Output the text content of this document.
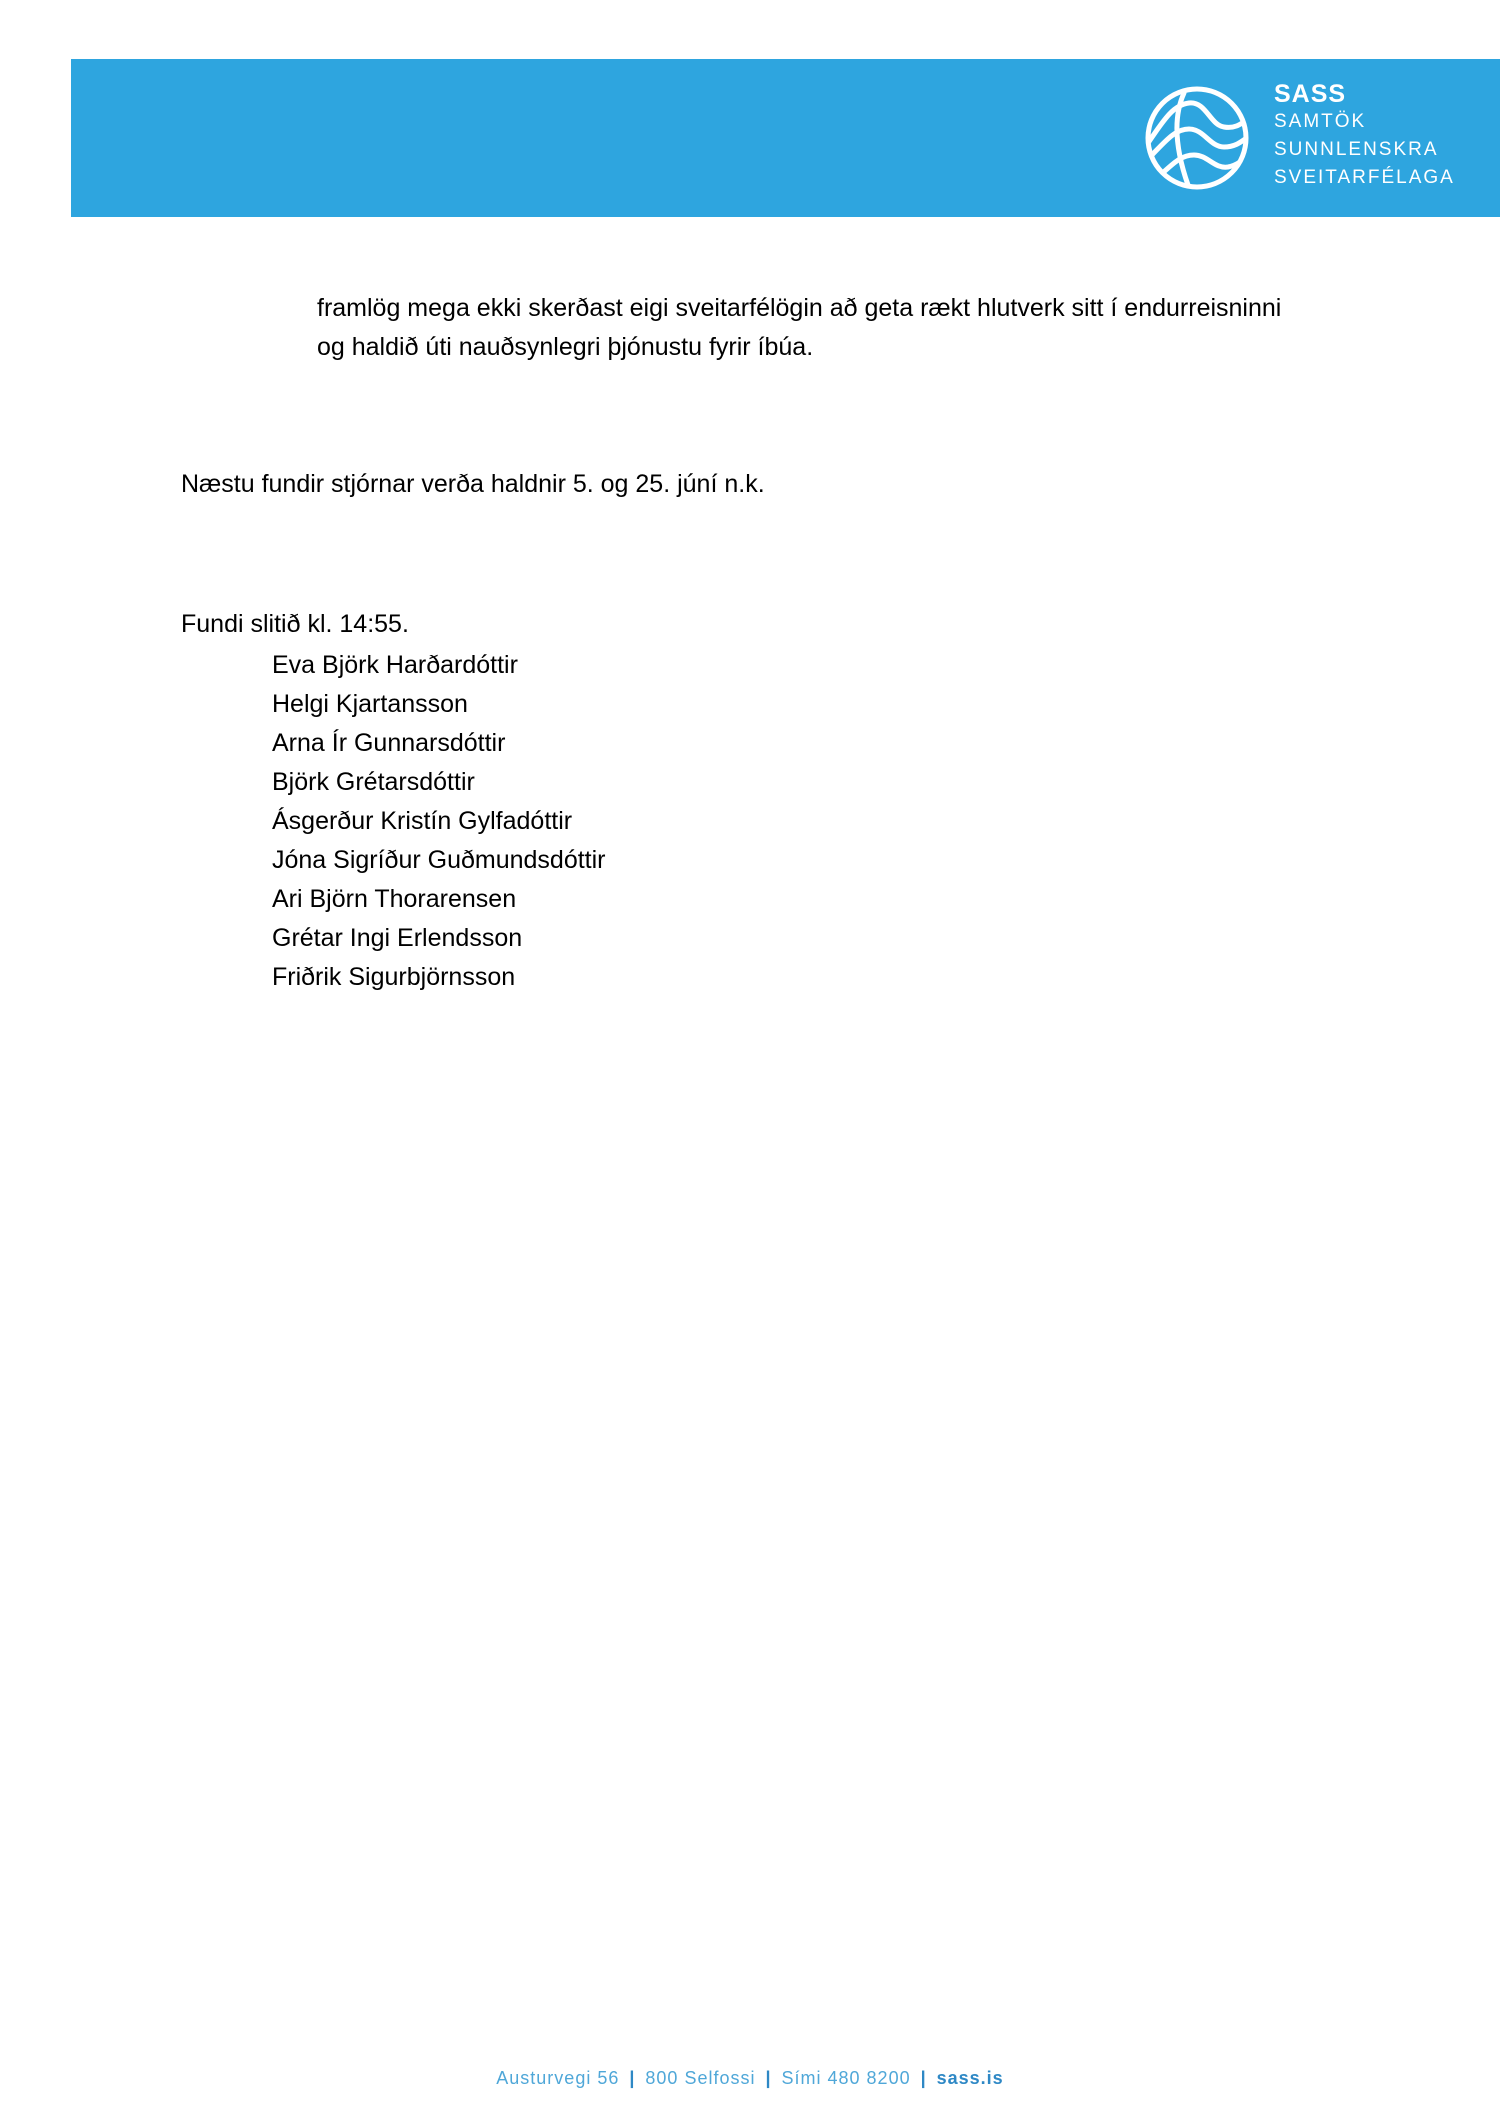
SASS
SAMTÖK
SUNNLENSKRA
SVEITARFÉLAGA
framlög mega ekki skerðast eigi sveitarfélögin að geta rækt hlutverk sitt í endurreisninni
og haldið úti nauðsynlegri þjónustu fyrir íbúa.
Næstu fundir stjórnar verða haldnir 5. og 25. júní n.k.
Fundi slitið kl. 14:55.
Eva Björk Harðardóttir
Helgi Kjartansson
Arna Ír Gunnarsdóttir
Björk Grétarsdóttir
Ásgerður Kristín Gylfadóttir
Jóna Sigríður Guðmundsdóttir
Ari Björn Thorarensen
Grétar Ingi Erlendsson
Friðrik Sigurbjörnsson
Austurvegi 56 | 800 Selfossi | Sími 480 8200 | sass.is
